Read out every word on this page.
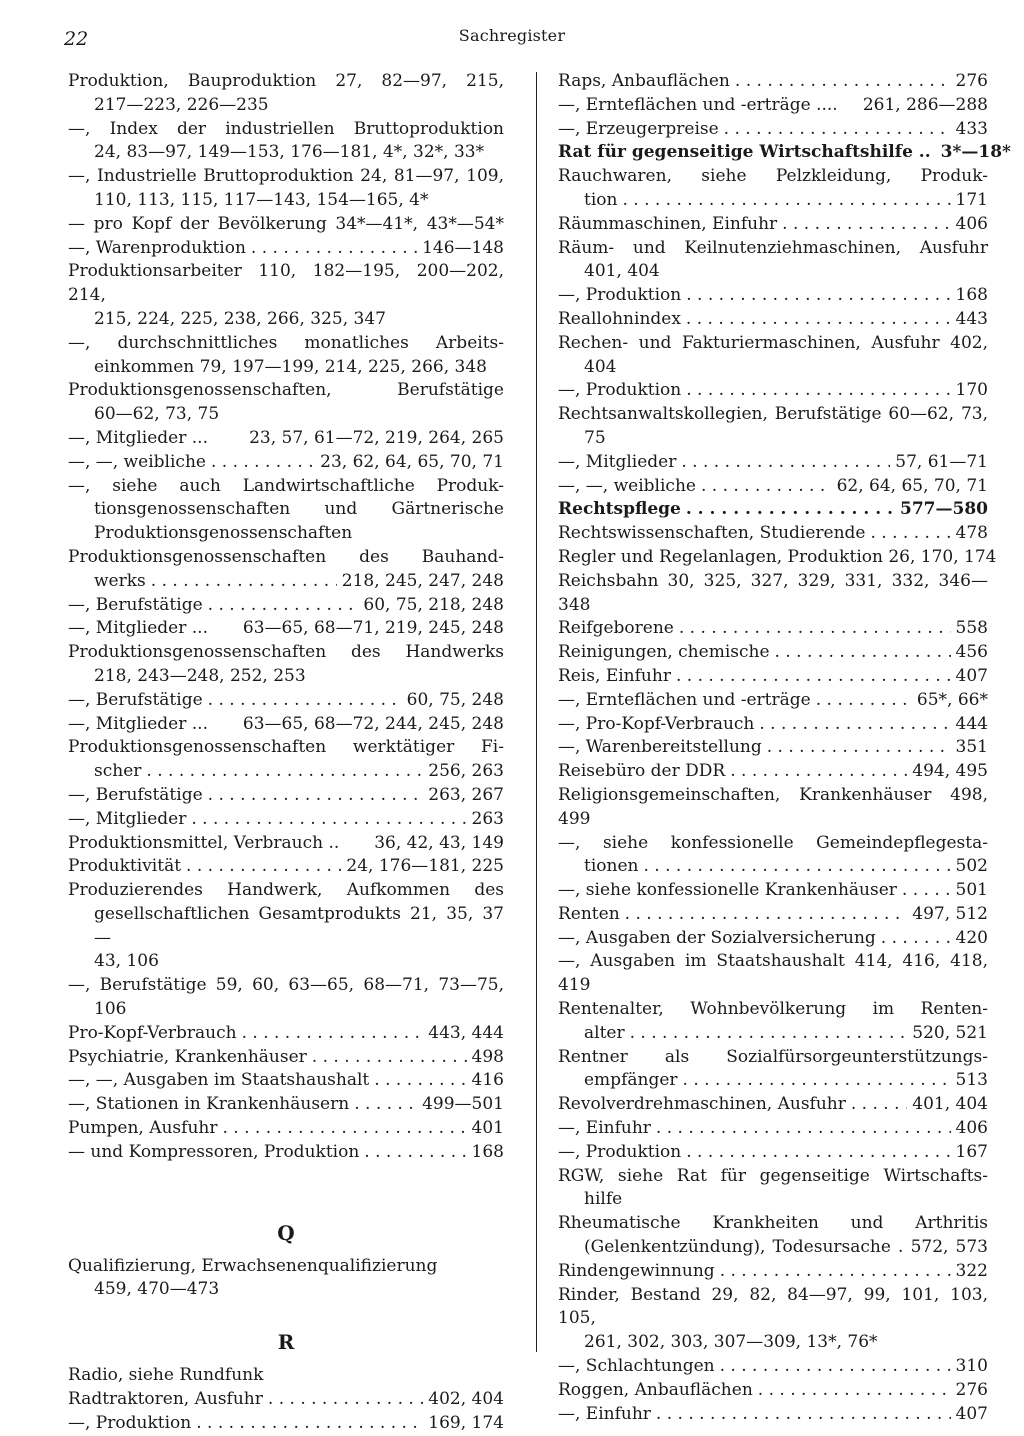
22	Sachregister
Produktion, Bauproduktion 27, 82—97, 215,
217—223, 226—235
—, Index der industriellen Bruttoproduktion
24, 83—97, 149—153, 176—181, 4*, 32*, 33*
—, Industrielle Bruttoproduktion 24, 81—97, 109,
110, 113, 115, 117—143, 154—165, 4*
— pro Kopf der Bevölkerung 34*—41*, 43*—54*
—, Warenproduktion . . .	146—148
Produktionsarbeiter 110, 182—195, 200—202, 214,
215, 224, 225, 238, 266, 325, 347
—, durchschnittliches monatliches Arbeits-
einkommen 79, 197—199, 214, 225, 266, 348
Produktionsgenossenschaften, Berufstätige
60—62, 73, 75
—, Mitglieder ... 23, 57, 61—72, 219, 264, 265
—, —, weibliche . . .	23, 62, 64, 65, 70, 71
—, siehe auch Landwirtschaftliche Produk-
tionsgenossenschaften und Gärtnerische
Produktionsgenossenschaften
Produktionsgenossenschaften des Bauhand-
werks . . .	218, 245, 247, 248
—, Berufstätige . . .	60, 75, 218, 248
—, Mitglieder ... 63—65, 68—71, 219, 245, 248
Produktionsgenossenschaften des Handwerks
218, 243—248, 252, 253
—, Berufstätige . . .	60, 75, 248
—, Mitglieder ... 63—65, 68—72, 244, 245, 248
Produktionsgenossenschaften werktätiger Fi-
scher . . .	256, 263
—, Berufstätige . . .	263, 267
—, Mitglieder . . .	263
Produktionsmittel, Verbrauch .. 36, 42, 43, 149
Produktivität . . .	24, 176—181, 225
Produzierendes Handwerk, Aufkommen des
gesellschaftlichen Gesamtprodukts 21, 35, 37—
43, 106
—, Berufstätige 59, 60, 63—65, 68—71, 73—75,
106
Pro-Kopf-Verbrauch . . .	443, 444
Psychiatrie, Krankenhäuser . . .	498
—, —, Ausgaben im Staatshaushalt . . .	416
—, Stationen in Krankenhäusern . . .	499—501
Pumpen, Ausfuhr . . .	401
— und Kompressoren, Produktion . . .	168
Q
Qualifizierung, Erwachsenenqualifizierung
459, 470—473
R
Radio, siehe Rundfunk
Radtraktoren, Ausfuhr . . .	402, 404
—, Produktion . . .	169, 174
Raps, Anbauflächen . . .	276
—, Ernteflächen und -erträge .... 261, 286—288
—, Erzeugerpreise . . .	433
Rat für gegenseitige Wirtschaftshilfe .. 3*—18*
Rauchwaren, siehe Pelzkleidung, Produk-
tion . . .	171
Räummaschinen, Einfuhr . . .	406
Räum- und Keilnutenziehmaschinen, Ausfuhr
401, 404
—, Produktion . . .	168
Reallohnindex . . .	443
Rechen- und Fakturiermaschinen, Ausfuhr 402,
404
—, Produktion . . .	170
Rechtsanwaltskollegien, Berufstätige 60—62, 73,
75
—, Mitglieder . . .	57, 61—71
—, —, weibliche . . .	62, 64, 65, 70, 71
Rechtspflege . . .	577—580
Rechtswissenschaften, Studierende . . .	478
Regler und Regelanlagen, Produktion 26, 170, 174
Reichsbahn 30, 325, 327, 329, 331, 332, 346—348
Reifgeborene . . .	558
Reinigungen, chemische . . .	456
Reis, Einfuhr . . .	407
—, Ernteflächen und -erträge . . .	65*, 66*
—, Pro-Kopf-Verbrauch . . .	444
—, Warenbereitstellung . . .	351
Reisebüro der DDR . . .	494, 495
Religionsgemeinschaften, Krankenhäuser 498, 499
—, siehe konfessionelle Gemeindepflegesta-
tionen . . .	502
—, siehe konfessionelle Krankenhäuser . . .	501
Renten . . .	497, 512
—, Ausgaben der Sozialversicherung . . .	420
—, Ausgaben im Staatshaushalt 414, 416, 418, 419
Rentenalter, Wohnbevölkerung im Renten-
alter . . .	520, 521
Rentner als Sozialfürsorgeunterstützungs-
empfänger . . .	513
Revolverdrehmaschinen, Ausfuhr . . .	401, 404
—, Einfuhr . . .	406
—, Produktion . . .	167
RGW, siehe Rat für gegenseitige Wirtschafts-
hilfe
Rheumatische Krankheiten und Arthritis
(Gelenkentzündung), Todesursache . 572, 573
Rindengewinnung . . .	322
Rinder, Bestand 29, 82, 84—97, 99, 101, 103, 105,
261, 302, 303, 307—309, 13*, 76*
—, Schlachtungen . . .	310
Roggen, Anbauflächen . . .	276
—, Einfuhr . . .	407
